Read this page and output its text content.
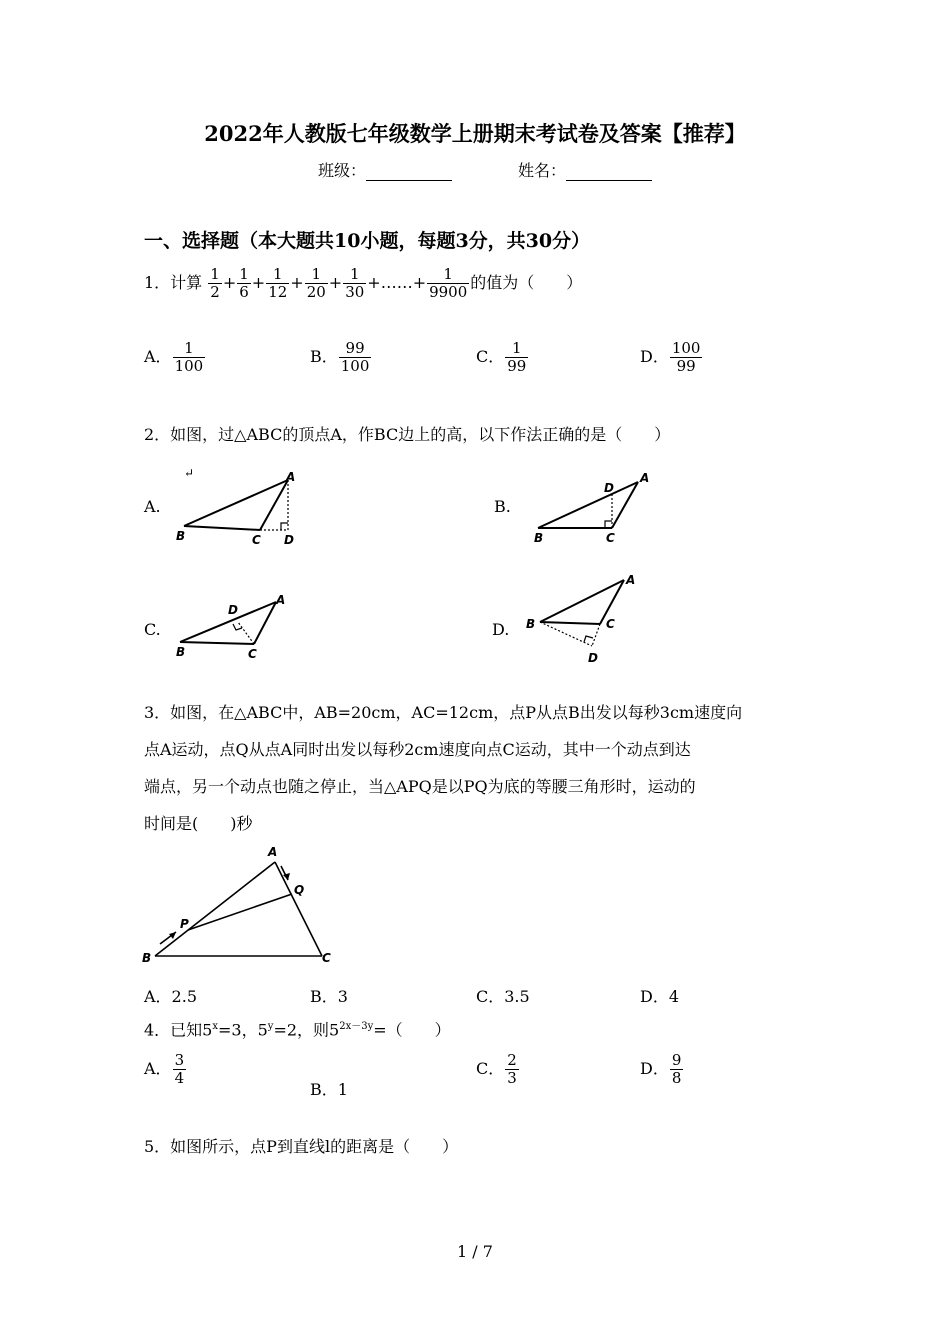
2022年人教版七年级数学上册期末考试卷及答案【推荐】
班级：	姓名：
一、选择题（本大题共10小题，每题3分，共30分）
1．计算 $\frac{1}{2} + \frac{1}{6} + \frac{1}{12} + \frac{1}{20} + \frac{1}{30}$ +……+ $\frac{1}{9900}$ 的值为（　　）
A． $\frac{1}{100}$	B． $\frac{99}{100}$	C． $\frac{1}{99}$	D． $\frac{100}{99}$
2．如图，过△ABC的顶点A，作BC边上的高，以下作法正确的是（　　）
A.
↵	A
B	C D
B.
A
B	C
D
C.
A
B	C
D
D.
A
B	C
D
3．如图，在△ABC中，AB=20cm，AC=12cm，点P从点B出发以每秒3cm速度向
点A运动，点Q从点A同时出发以每秒2cm速度向点C运动，其中一个动点到达
端点，另一个动点也随之停止，当△APQ是以PQ为底的等腰三角形时，运动的
时间是(　　)秒
A
B	C
P
Q
A．2.5	B．3	C．3.5	D．4
4．已知$5^x=3$，$5^y=2$，则$5^{2x-3y}=$（　　）
A． $\frac{3}{4}$
B．1
C． $\frac{2}{3}$	D． $\frac{9}{8}$
5．如图所示，点P到直线l的距离是（　　）
1 / 7
